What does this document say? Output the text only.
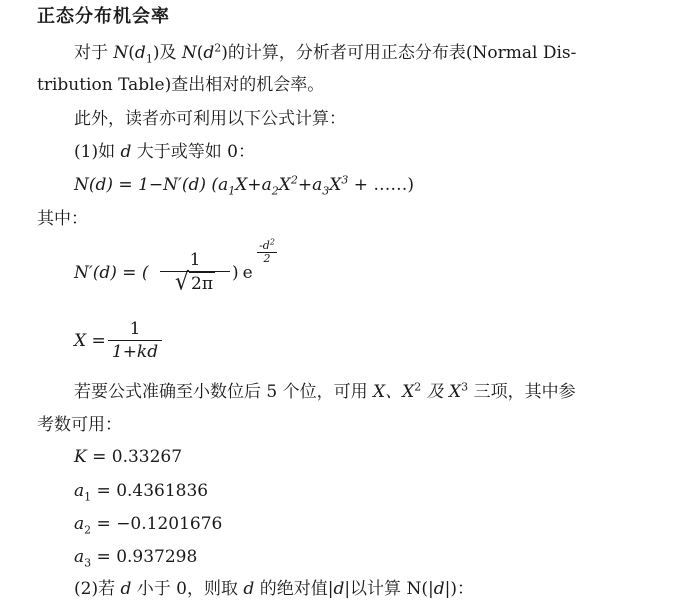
正态分布机会率
对于 $N(d_1)$及 $N(d^2)$的计算，分析者可用正态分布表(Normal Dis-
tribution Table)查出相对的机会率。
此外，读者亦可利用以下公式计算：
(1)如 d 大于或等如 0：
N(d) = 1−N′(d) ($a_1X+a_2X^2+a_3X^3$ + ……)
其中：
N′(d) = (
1
√ 2π
) e
$-d^2$
2
X =
1
1+kd
若要公式准确至小数位后 5 个位，可用 X、$X^2$ 及 $X^3$ 三项，其中参
考数可用：
K = 0.33267
$a_1 = 0.4361836$
$a_2 = -0.1201676$
$a_3 = 0.937298$
(2)若 d 小于 0，则取 d 的绝对值|d|以计算 N(|d|)：
